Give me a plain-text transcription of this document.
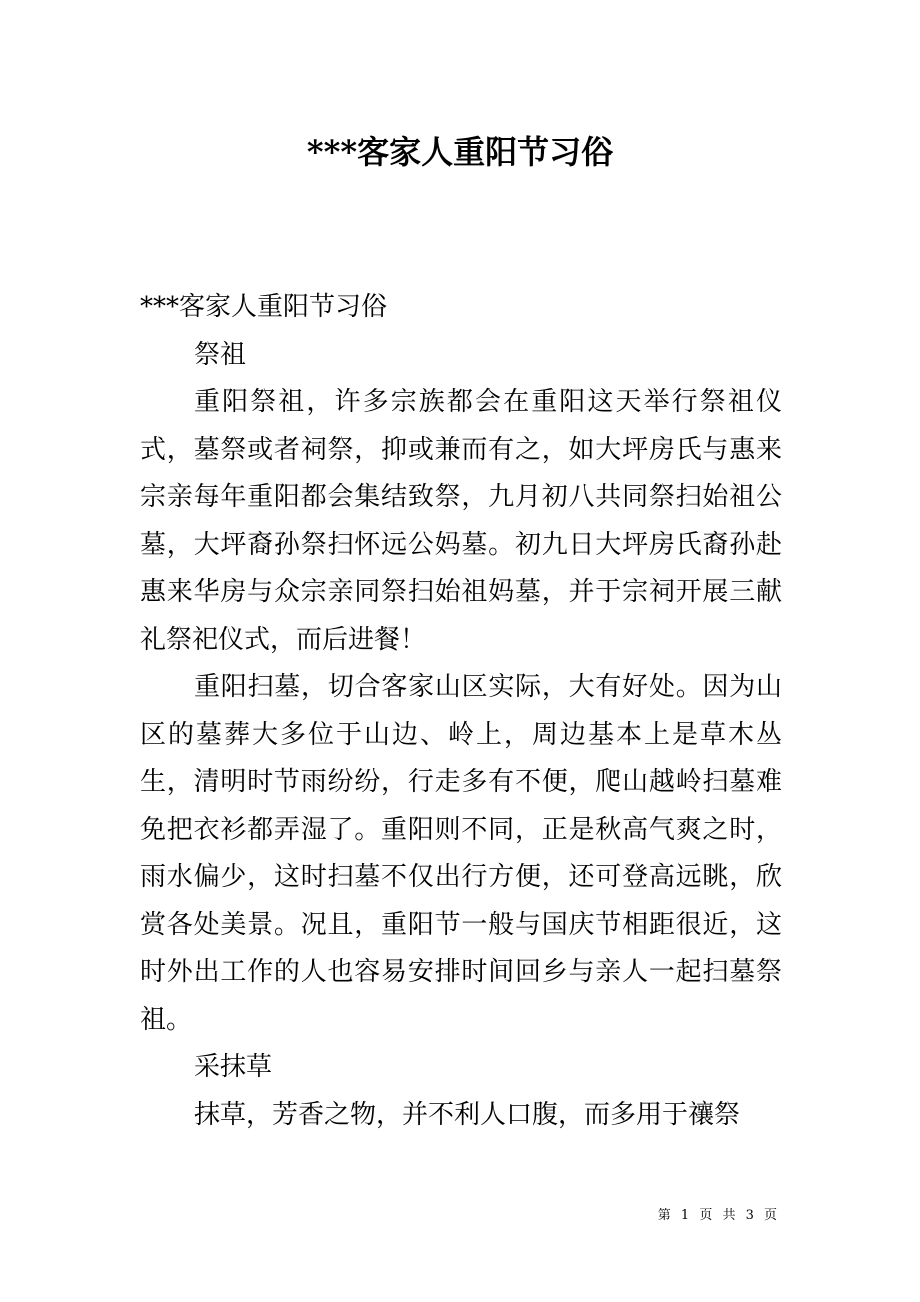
***客家人重阳节习俗

***客家人重阳节习俗

祭祖

重阳祭祖，许多宗族都会在重阳这天举行祭祖仪式，墓祭或者祠祭，抑或兼而有之，如大坪房氏与惠来宗亲每年重阳都会集结致祭，九月初八共同祭扫始祖公墓，大坪裔孙祭扫怀远公妈墓。初九日大坪房氏裔孙赴惠来华房与众宗亲同祭扫始祖妈墓，并于宗祠开展三献礼祭祀仪式，而后进餐！

重阳扫墓，切合客家山区实际，大有好处。因为山区的墓葬大多位于山边、岭上，周边基本上是草木丛生，清明时节雨纷纷，行走多有不便，爬山越岭扫墓难免把衣衫都弄湿了。重阳则不同，正是秋高气爽之时，雨水偏少，这时扫墓不仅出行方便，还可登高远眺，欣赏各处美景。况且，重阳节一般与国庆节相距很近，这时外出工作的人也容易安排时间回乡与亲人一起扫墓祭祖。

采抹草

抹草，芳香之物，并不利人口腹，而多用于禳祭

第 1 页 共 3 页
